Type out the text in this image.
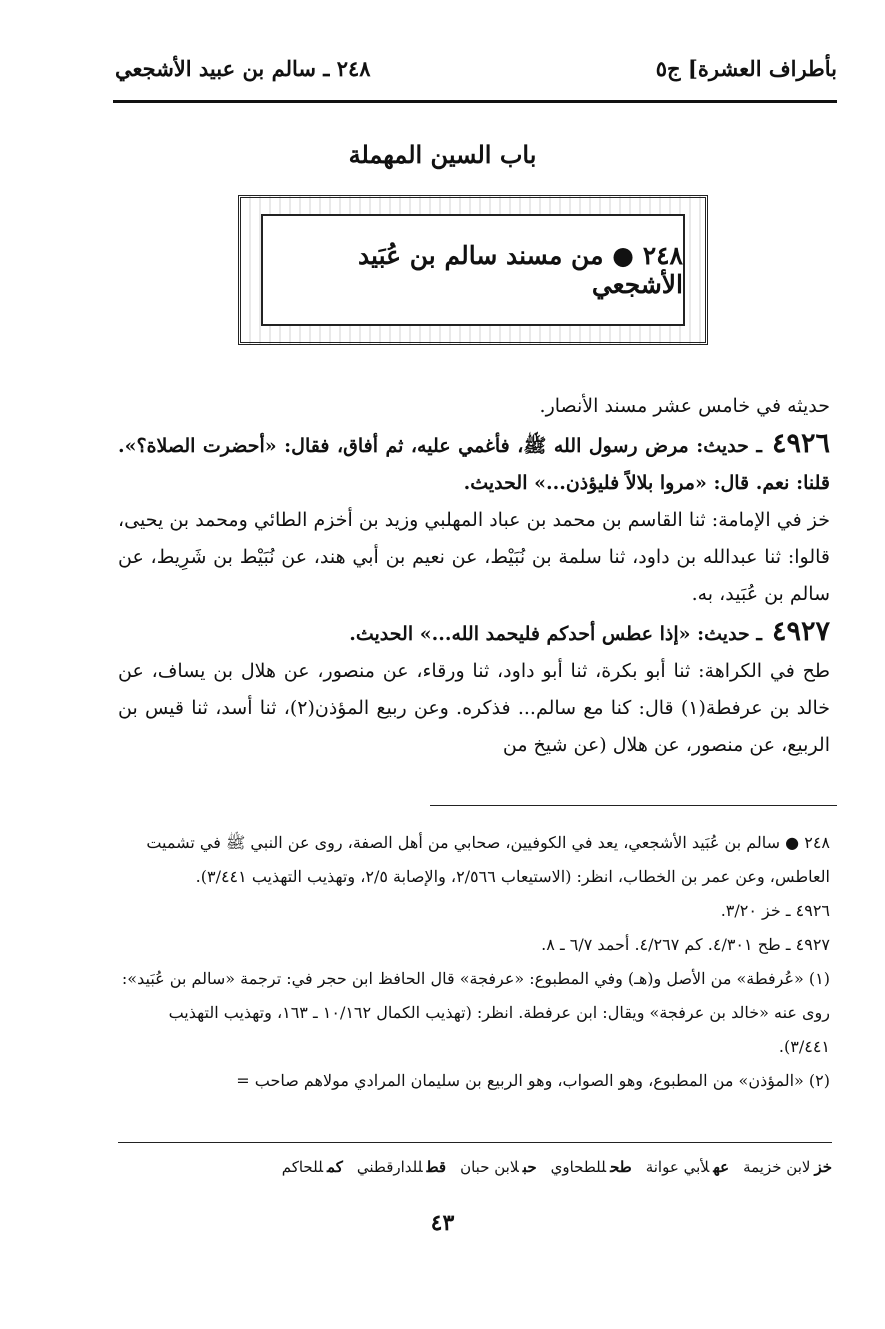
بأطراف العشرة] ج٥
٢٤٨ ـ سالم بن عبيد الأشجعي
باب السين المهملة
٢٤٨ ● من مسند سالم بن عُبَيد الأشجعي

حديثه في خامس عشر مسند الأنصار.

٤٩٢٦ـ حديث: مرض رسول الله ﷺ، فأغمي عليه، ثم أفاق، فقال: «أحضرت الصلاة؟». قلنا: نعم. قال: «مروا بلالاً فليؤذن...» الحديث.

خز في الإمامة: ثنا القاسم بن محمد بن عباد المهلبي وزيد بن أخزم الطائي ومحمد بن يحيى، قالوا: ثنا عبدالله بن داود، ثنا سلمة بن نُبَيْط، عن نعيم بن أبي هند، عن نُبَيْط بن شَرِيط، عن سالم بن عُبَيد، به.

٤٩٢٧ـ حديث: «إذا عطس أحدكم فليحمد الله...» الحديث.

طح في الكراهة: ثنا أبو بكرة، ثنا أبو داود، ثنا ورقاء، عن منصور، عن هلال بن يساف، عن خالد بن عرفطة(١) قال: كنا مع سالم... فذكره. وعن ربيع المؤذن(٢)، ثنا أسد، ثنا قيس بن الربيع، عن منصور، عن هلال (عن شيخ من

٢٤٨ ● سالم بن عُبَيد الأشجعي، يعد في الكوفيين، صحابي من أهل الصفة، روى عن النبي ﷺ في تشميت العاطس، وعن عمر بن الخطاب، انظر: (الاستيعاب ٢/٥٦٦، والإصابة ٢/٥، وتهذيب التهذيب ٣/٤٤١).
٤٩٢٦ ـ خز ٣/٢٠.
٤٩٢٧ ـ طح ٤/٣٠١. كم ٤/٢٦٧. أحمد ٦/٧ ـ ٨.
(١) «عُرفطة» من الأصل و(هـ) وفي المطبوع: «عرفجة» قال الحافظ ابن حجر في: ترجمة «سالم بن عُبَيد»: روى عنه «خالد بن عرفجة» ويقال: ابن عرفطة. انظر: (تهذيب الكمال ١٠/١٦٢ ـ ١٦٣، وتهذيب التهذيب ٣/٤٤١).
(٢) «المؤذن» من المطبوع، وهو الصواب، وهو الربيع بن سليمان المرادي مولاهم صاحب =
خزلابن خزيمة
عهلأبي عوانة
طحللطحاوي
حبلابن حبان
قطللدارقطني
كمللحاكم
٤٣
